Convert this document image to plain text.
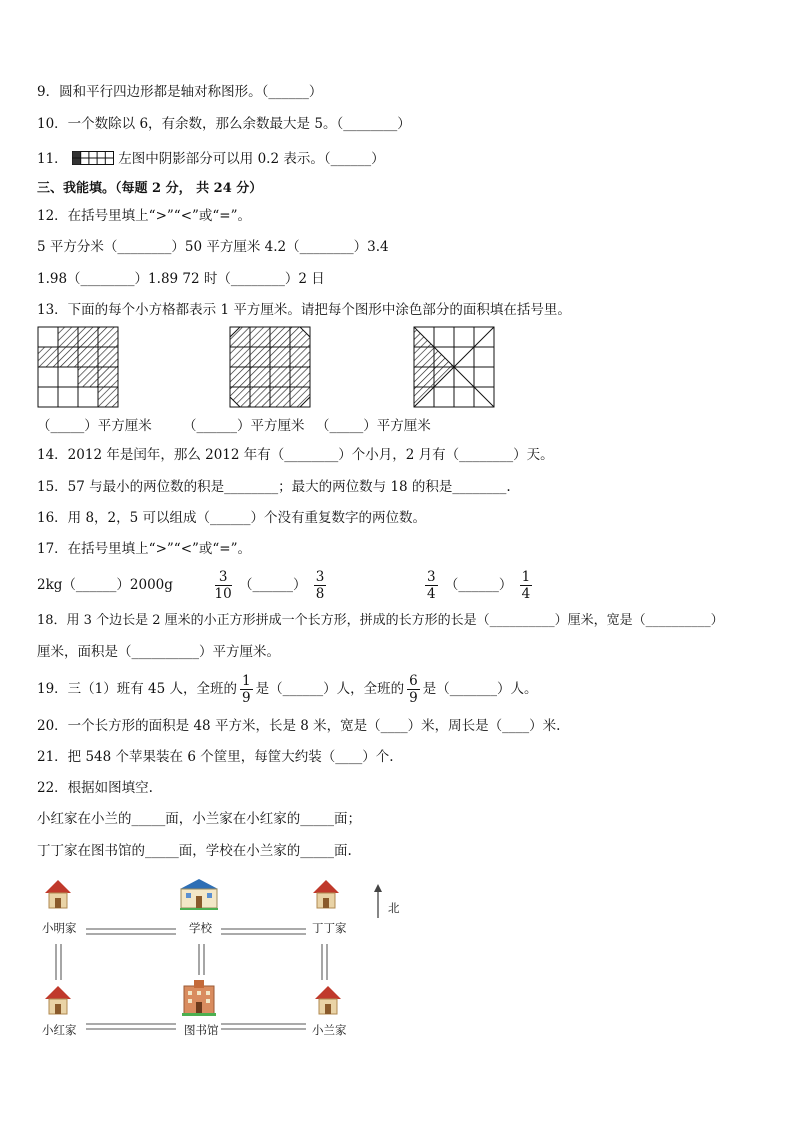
9．圆和平行四边形都是轴对称图形。（______）
10．一个数除以 6，有余数，那么余数最大是 5。（________）
11．	左图中阴影部分可以用 0.2 表示。（______）
三、我能填。（每题 2 分， 共 24 分）
12．在括号里填上“>”“<”或“=”。
5 平方分米（________）50 平方厘米 4.2（________）3.4
1.98（________）1.89 72 时（________）2 日
13．下面的每个小方格都表示 1 平方厘米。请把每个图形中涂色部分的面积填在括号里。
（_____）平方厘米 （______）平方厘米 （_____）平方厘米
14．2012 年是闰年，那么 2012 年有（________）个小月，2 月有（________）天。
15．57 与最小的两位数的积是________；最大的两位数与 18 的积是________.
16．用 8，2，5 可以组成（______）个没有重复数字的两位数。
17．在括号里填上“>”“<”或“=”。
2kg（______）2000g	$\frac{3}{10}$ （______） $\frac{3}{8}$
	$\frac{3}{4}$ （______） $\frac{1}{4}$
18．用 3 个边长是 2 厘米的小正方形拼成一个长方形，拼成的长方形的长是（__________）厘米，宽是（__________）
厘米，面积是（__________）平方厘米。
19．三（1）班有 45 人，全班的 $\frac{1}{9}$ 是（______）人，全班的 $\frac{6}{9}$ 是（_______）人。
20．一个长方形的面积是 48 平方米，长是 8 米，宽是（____）米，周长是（____）米.
21．把 548 个苹果装在 6 个筐里，每筐大约装（____）个.
22．根据如图填空.
小红家在小兰的_____面，小兰家在小红家的_____面；
丁丁家在图书馆的_____面，学校在小兰家的_____面.
北
小明家	学校	丁丁家
小红家	图书馆	小兰家
